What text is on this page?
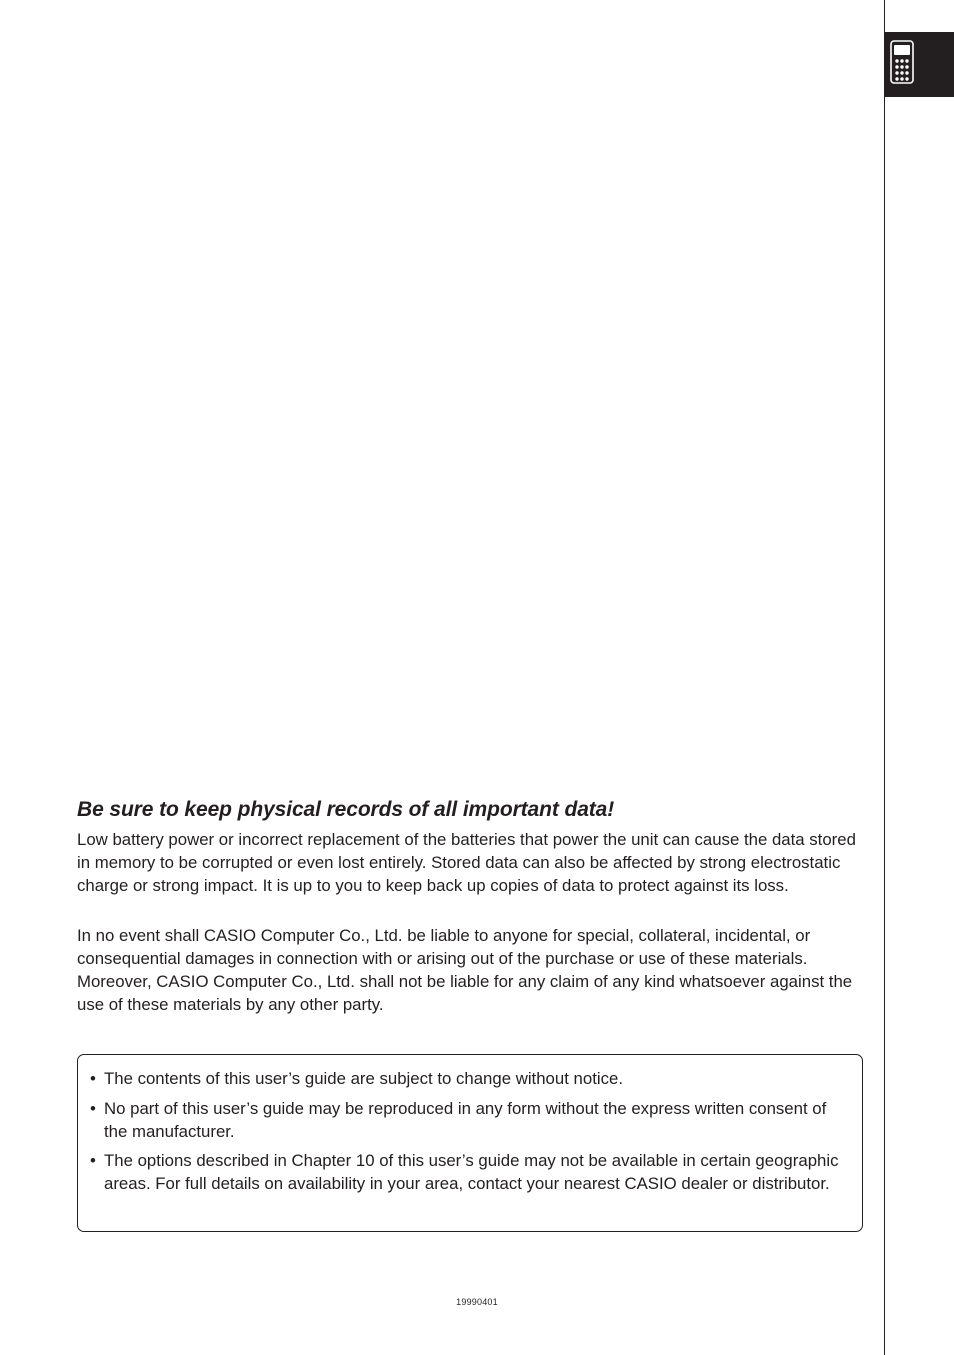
Be sure to keep physical records of all important data!

Low battery power or incorrect replacement of the batteries that power the unit can cause the data stored in memory to be corrupted or even lost entirely. Stored data can also be affected by strong electrostatic charge or strong impact. It is up to you to keep back up copies of data to protect against its loss.

In no event shall CASIO Computer Co., Ltd. be liable to anyone for special, collateral, incidental, or consequential damages in connection with or arising out of the purchase or use of these materials. Moreover, CASIO Computer Co., Ltd. shall not be liable for any claim of any kind whatsoever against the use of these materials by any other party.

• The contents of this user’s guide are subject to change without notice.
• No part of this user’s guide may be reproduced in any form without the express written consent of the manufacturer.
• The options described in Chapter 10 of this user’s guide may not be available in certain geographic areas. For full details on availability in your area, contact your nearest CASIO dealer or distributor.
19990401
